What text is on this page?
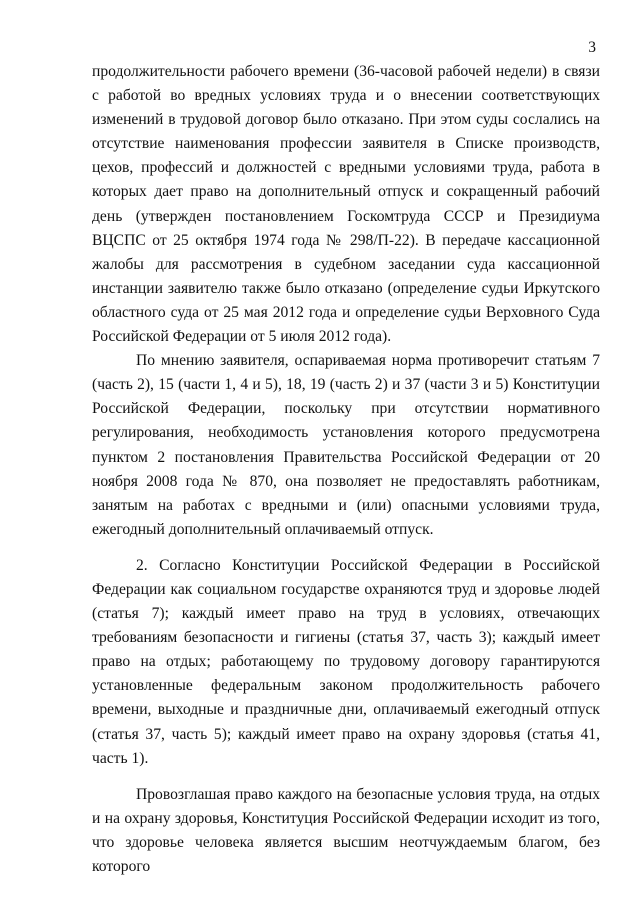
3

продолжительности рабочего времени (36-часовой рабочей недели) в связи с работой во вредных условиях труда и о внесении соответствующих изменений в трудовой договор было отказано. При этом суды сослались на отсутствие наименования профессии заявителя в Списке производств, цехов, профессий и должностей с вредными условиями труда, работа в которых дает право на дополнительный отпуск и сокращенный рабочий день (утвержден постановлением Госкомтруда СССР и Президиума ВЦСПС от 25 октября 1974 года № 298/П-22). В передаче кассационной жалобы для рассмотрения в судебном заседании суда кассационной инстанции заявителю также было отказано (определение судьи Иркутского областного суда от 25 мая 2012 года и определение судьи Верховного Суда Российской Федерации от 5 июля 2012 года).

По мнению заявителя, оспариваемая норма противоречит статьям 7 (часть 2), 15 (части 1, 4 и 5), 18, 19 (часть 2) и 37 (части 3 и 5) Конституции Российской Федерации, поскольку при отсутствии нормативного регулирования, необходимость установления которого предусмотрена пунктом 2 постановления Правительства Российской Федерации от 20 ноября 2008 года № 870, она позволяет не предоставлять работникам, занятым на работах с вредными и (или) опасными условиями труда, ежегодный дополнительный оплачиваемый отпуск.

2. Согласно Конституции Российской Федерации в Российской Федерации как социальном государстве охраняются труд и здоровье людей (статья 7); каждый имеет право на труд в условиях, отвечающих требованиям безопасности и гигиены (статья 37, часть 3); каждый имеет право на отдых; работающему по трудовому договору гарантируются установленные федеральным законом продолжительность рабочего времени, выходные и праздничные дни, оплачиваемый ежегодный отпуск (статья 37, часть 5); каждый имеет право на охрану здоровья (статья 41, часть 1).

Провозглашая право каждого на безопасные условия труда, на отдых и на охрану здоровья, Конституция Российской Федерации исходит из того, что здоровье человека является высшим неотчуждаемым благом, без которого
